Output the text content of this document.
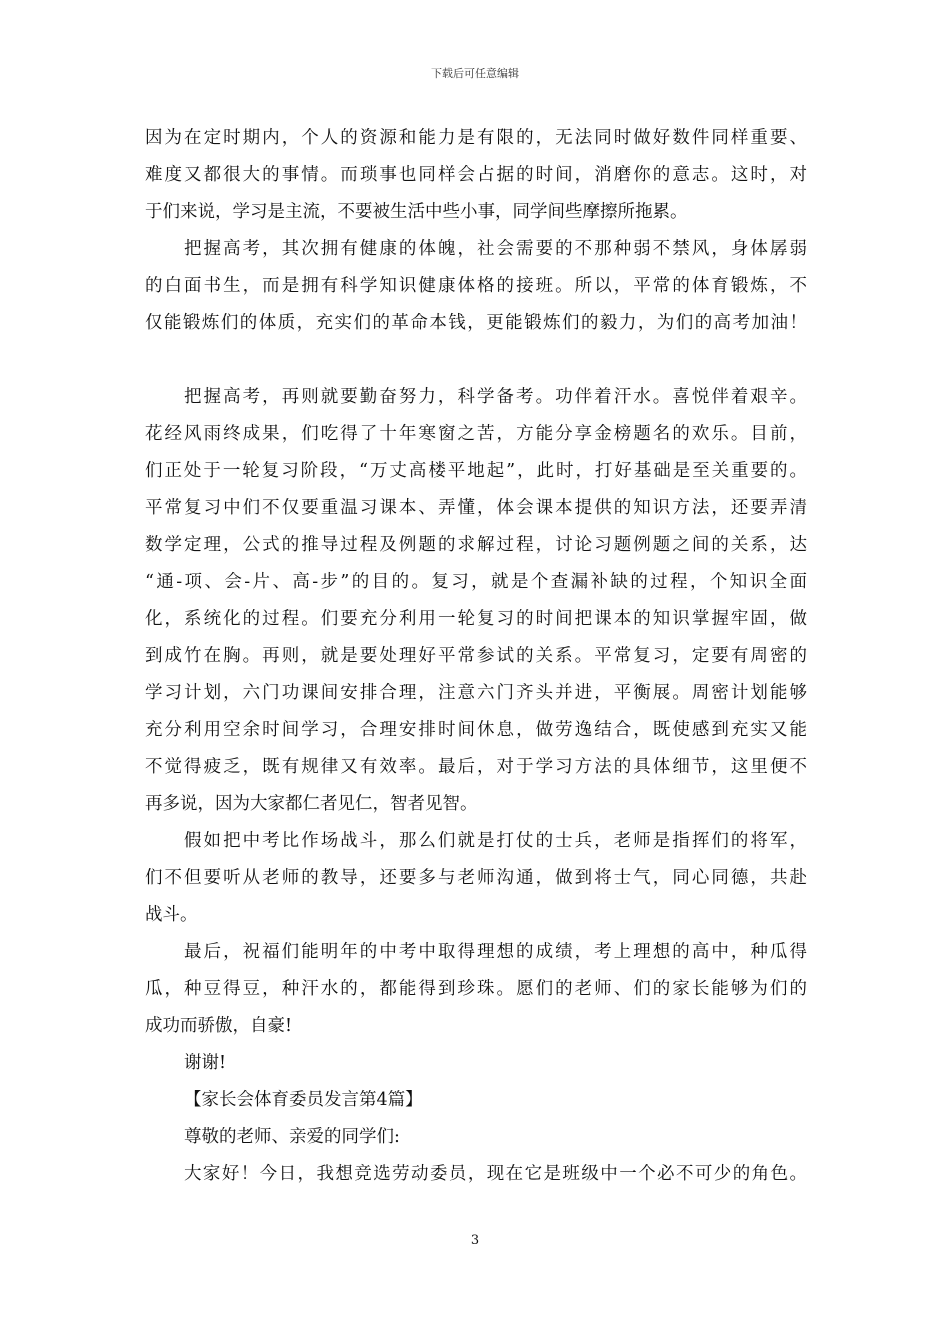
下载后可任意编辑
因为在定时期内，个人的资源和能力是有限的，无法同时做好数件同样重要、
难度又都很大的事情。而琐事也同样会占据的时间，消磨你的意志。这时，对
于们来说，学习是主流，不要被生活中些小事，同学间些摩擦所拖累。
把握高考，其次拥有健康的体魄，社会需要的不那种弱不禁风，身体孱弱
的白面书生，而是拥有科学知识健康体格的接班。所以，平常的体育锻炼，不
仅能锻炼们的体质，充实们的革命本钱，更能锻炼们的毅力，为们的高考加油！
把握高考，再则就要勤奋努力，科学备考。功伴着汗水。喜悦伴着艰辛。
花经风雨终成果，们吃得了十年寒窗之苦，方能分享金榜题名的欢乐。目前，
们正处于一轮复习阶段，“万丈高楼平地起”，此时，打好基础是至关重要的。
平常复习中们不仅要重温习课本、弄懂，体会课本提供的知识方法，还要弄清
数学定理，公式的推导过程及例题的求解过程，讨论习题例题之间的关系，达
“通-项、会-片、高-步”的目的。复习，就是个查漏补缺的过程，个知识全面
化，系统化的过程。们要充分利用一轮复习的时间把课本的知识掌握牢固，做
到成竹在胸。再则，就是要处理好平常参试的关系。平常复习，定要有周密的
学习计划，六门功课间安排合理，注意六门齐头并进，平衡展。周密计划能够
充分利用空余时间学习，合理安排时间休息，做劳逸结合，既使感到充实又能
不觉得疲乏，既有规律又有效率。最后，对于学习方法的具体细节，这里便不
再多说，因为大家都仁者见仁，智者见智。
假如把中考比作场战斗，那么们就是打仗的士兵，老师是指挥们的将军，
们不但要听从老师的教导，还要多与老师沟通，做到将士气，同心同德，共赴
战斗。
最后，祝福们能明年的中考中取得理想的成绩，考上理想的高中，种瓜得
瓜，种豆得豆，种汗水的，都能得到珍珠。愿们的老师、们的家长能够为们的
成功而骄傲，自豪!
谢谢!
【家长会体育委员发言第4篇】
尊敬的老师、亲爱的同学们:
大家好！今日，我想竞选劳动委员，现在它是班级中一个必不可少的角色。
3
